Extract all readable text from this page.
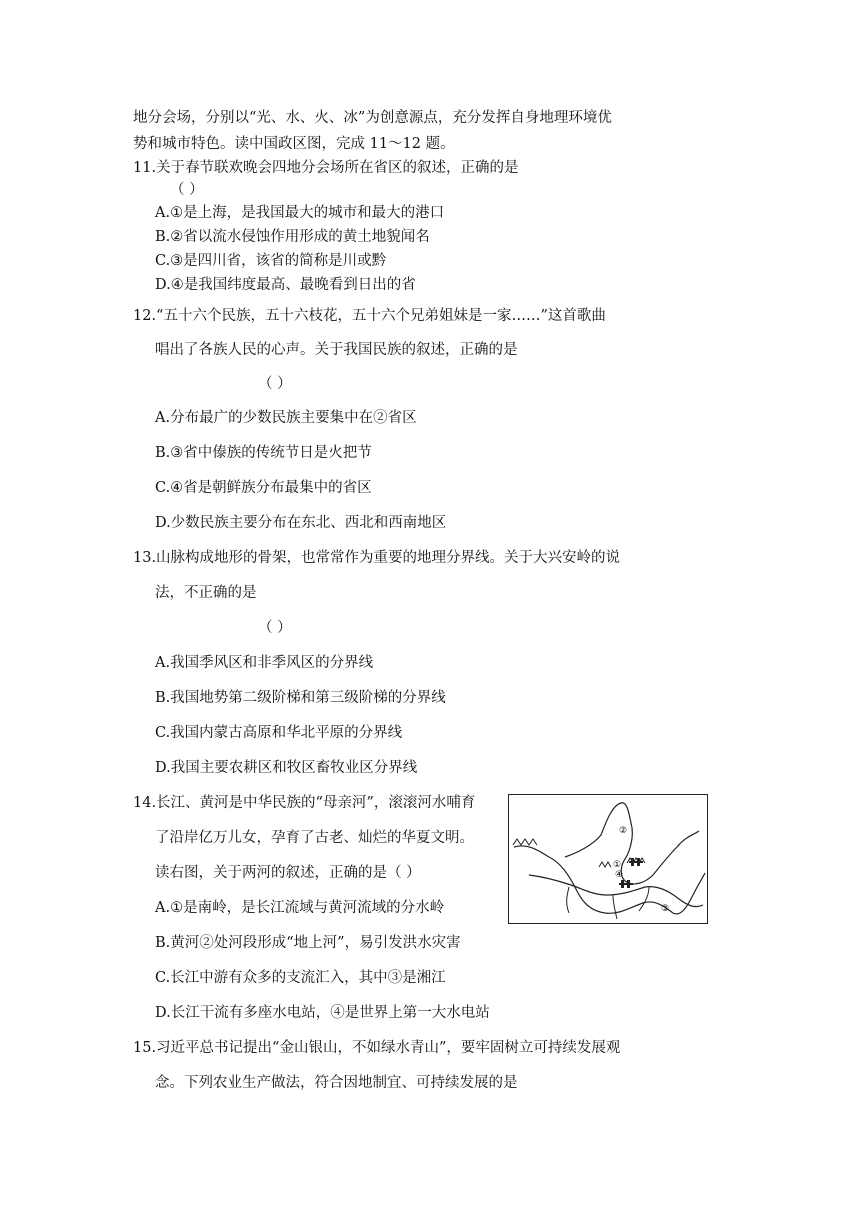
地分会场，分别以“光、水、火、冰”为创意源点，充分发挥自身地理环境优
势和城市特色。读中国政区图，完成 11～12 题。
11.关于春节联欢晚会四地分会场所在省区的叙述，正确的是
（ ）
A.①是上海，是我国最大的城市和最大的港口
B.②省以流水侵蚀作用形成的黄土地貌闻名
C.③是四川省，该省的简称是川或黔
D.④是我国纬度最高、最晚看到日出的省
12.“五十六个民族，五十六枝花，五十六个兄弟姐妹是一家……”这首歌曲
唱出了各族人民的心声。关于我国民族的叙述，正确的是
（ ）
A.分布最广的少数民族主要集中在②省区
B.③省中傣族的传统节日是火把节
C.④省是朝鲜族分布最集中的省区
D.少数民族主要分布在东北、西北和西南地区
13.山脉构成地形的骨架，也常常作为重要的地理分界线。关于大兴安岭的说
法，不正确的是
（ ）
A.我国季风区和非季风区的分界线
B.我国地势第二级阶梯和第三级阶梯的分界线
C.我国内蒙古高原和华北平原的分界线
D.我国主要农耕区和牧区畜牧业区分界线
14.长江、黄河是中华民族的“母亲河”，滚滚河水哺育
了沿岸亿万儿女，孕育了古老、灿烂的华夏文明。
读右图，关于两河的叙述，正确的是（ ）
A.①是南岭，是长江流域与黄河流域的分水岭
B.黄河②处河段形成“地上河”，易引发洪水灾害
C.长江中游有众多的支流汇入，其中③是湘江
D.长江干流有多座水电站，④是世界上第一大水电站
②
①
④
③
15.习近平总书记提出“金山银山，不如绿水青山”，要牢固树立可持续发展观
念。下列农业生产做法，符合因地制宜、可持续发展的是
